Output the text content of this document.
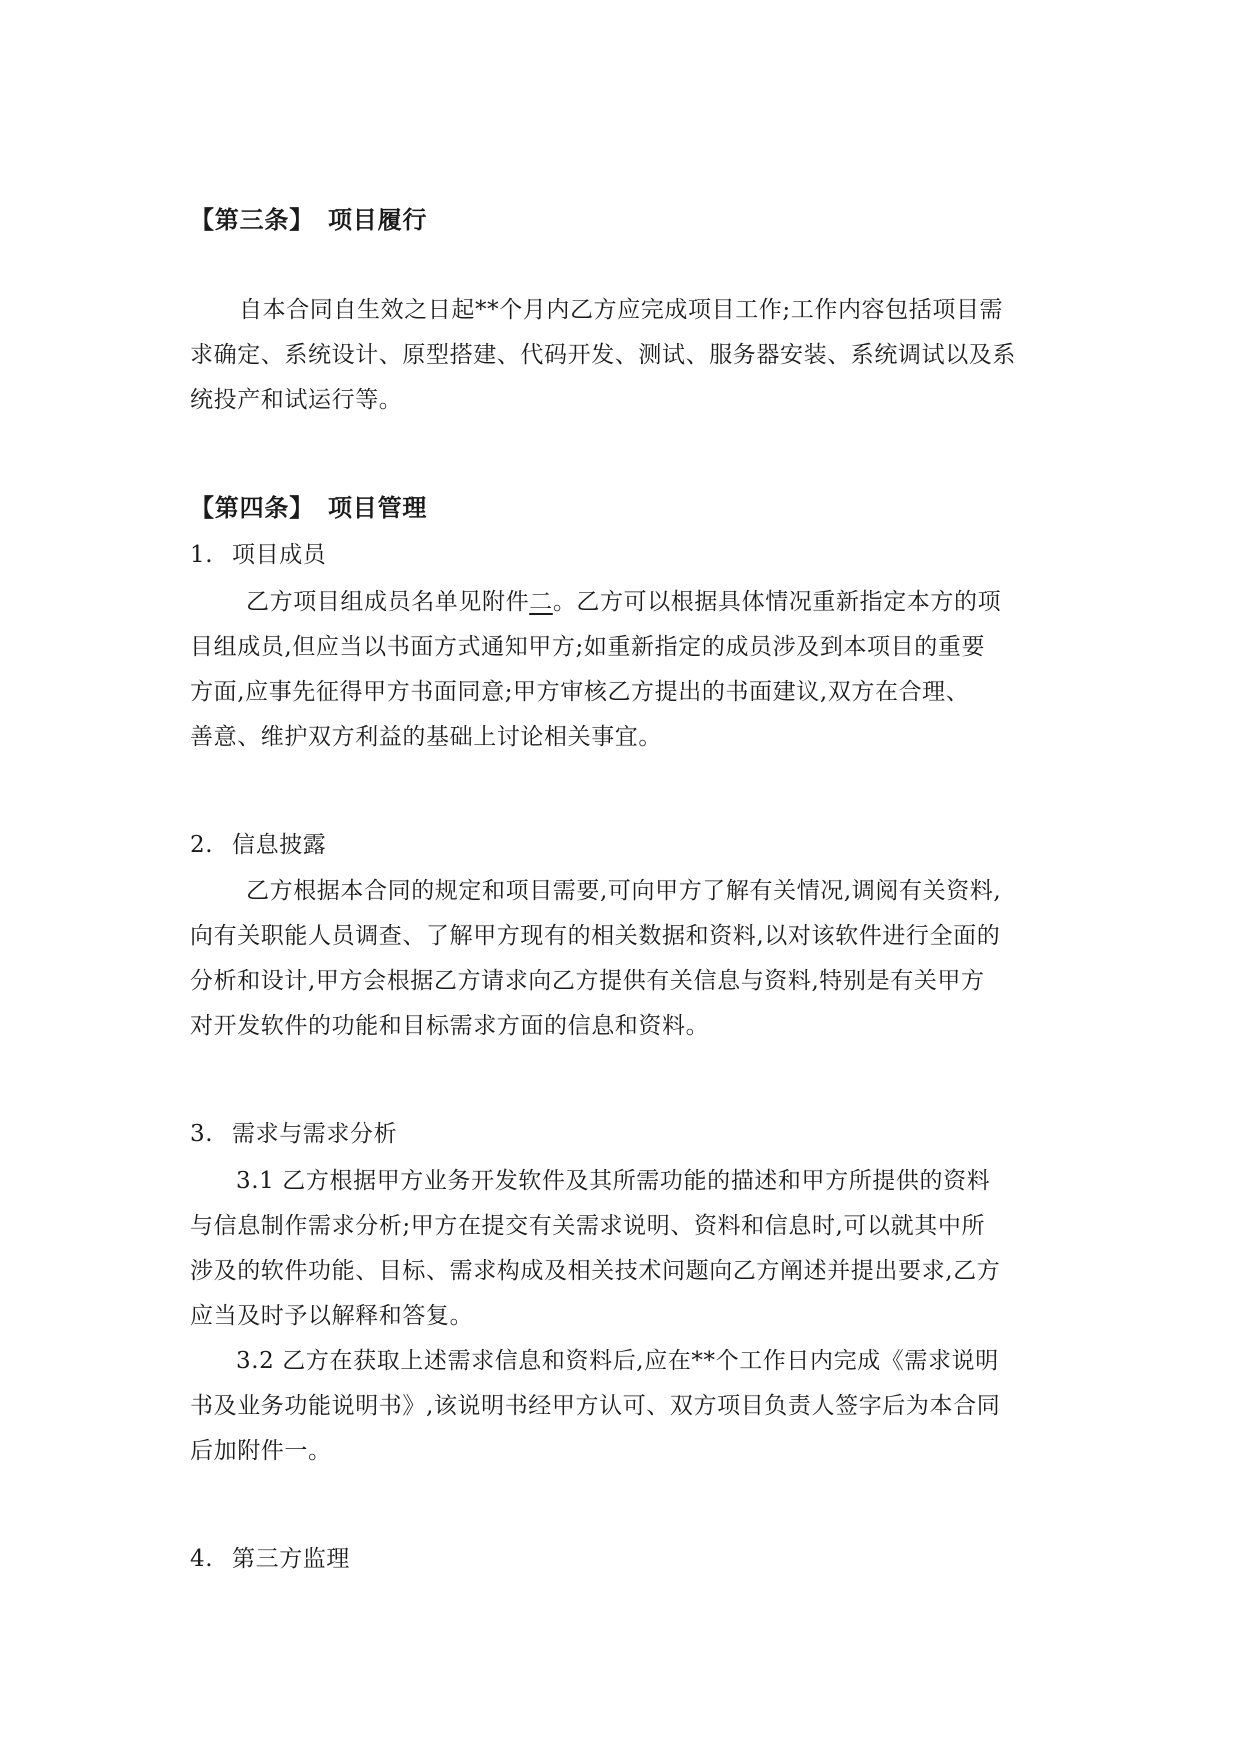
【第三条】 项目履行
自本合同自生效之日起**个月内乙方应完成项目工作;工作内容包括项目需
求确定、系统设计、原型搭建、代码开发、测试、服务器安装、系统调试以及系
统投产和试运行等。
【第四条】 项目管理
1. 项目成员
乙方项目组成员名单见附件二。乙方可以根据具体情况重新指定本方的项
目组成员,但应当以书面方式通知甲方;如重新指定的成员涉及到本项目的重要
方面,应事先征得甲方书面同意;甲方审核乙方提出的书面建议,双方在合理、
善意、维护双方利益的基础上讨论相关事宜。
2. 信息披露
乙方根据本合同的规定和项目需要,可向甲方了解有关情况,调阅有关资料,
向有关职能人员调查、了解甲方现有的相关数据和资料,以对该软件进行全面的
分析和设计,甲方会根据乙方请求向乙方提供有关信息与资料,特别是有关甲方
对开发软件的功能和目标需求方面的信息和资料。
3. 需求与需求分析
3.1 乙方根据甲方业务开发软件及其所需功能的描述和甲方所提供的资料
与信息制作需求分析;甲方在提交有关需求说明、资料和信息时,可以就其中所
涉及的软件功能、目标、需求构成及相关技术问题向乙方阐述并提出要求,乙方
应当及时予以解释和答复。
3.2 乙方在获取上述需求信息和资料后,应在**个工作日内完成《需求说明
书及业务功能说明书》,该说明书经甲方认可、双方项目负责人签字后为本合同
后加附件一。
4. 第三方监理
